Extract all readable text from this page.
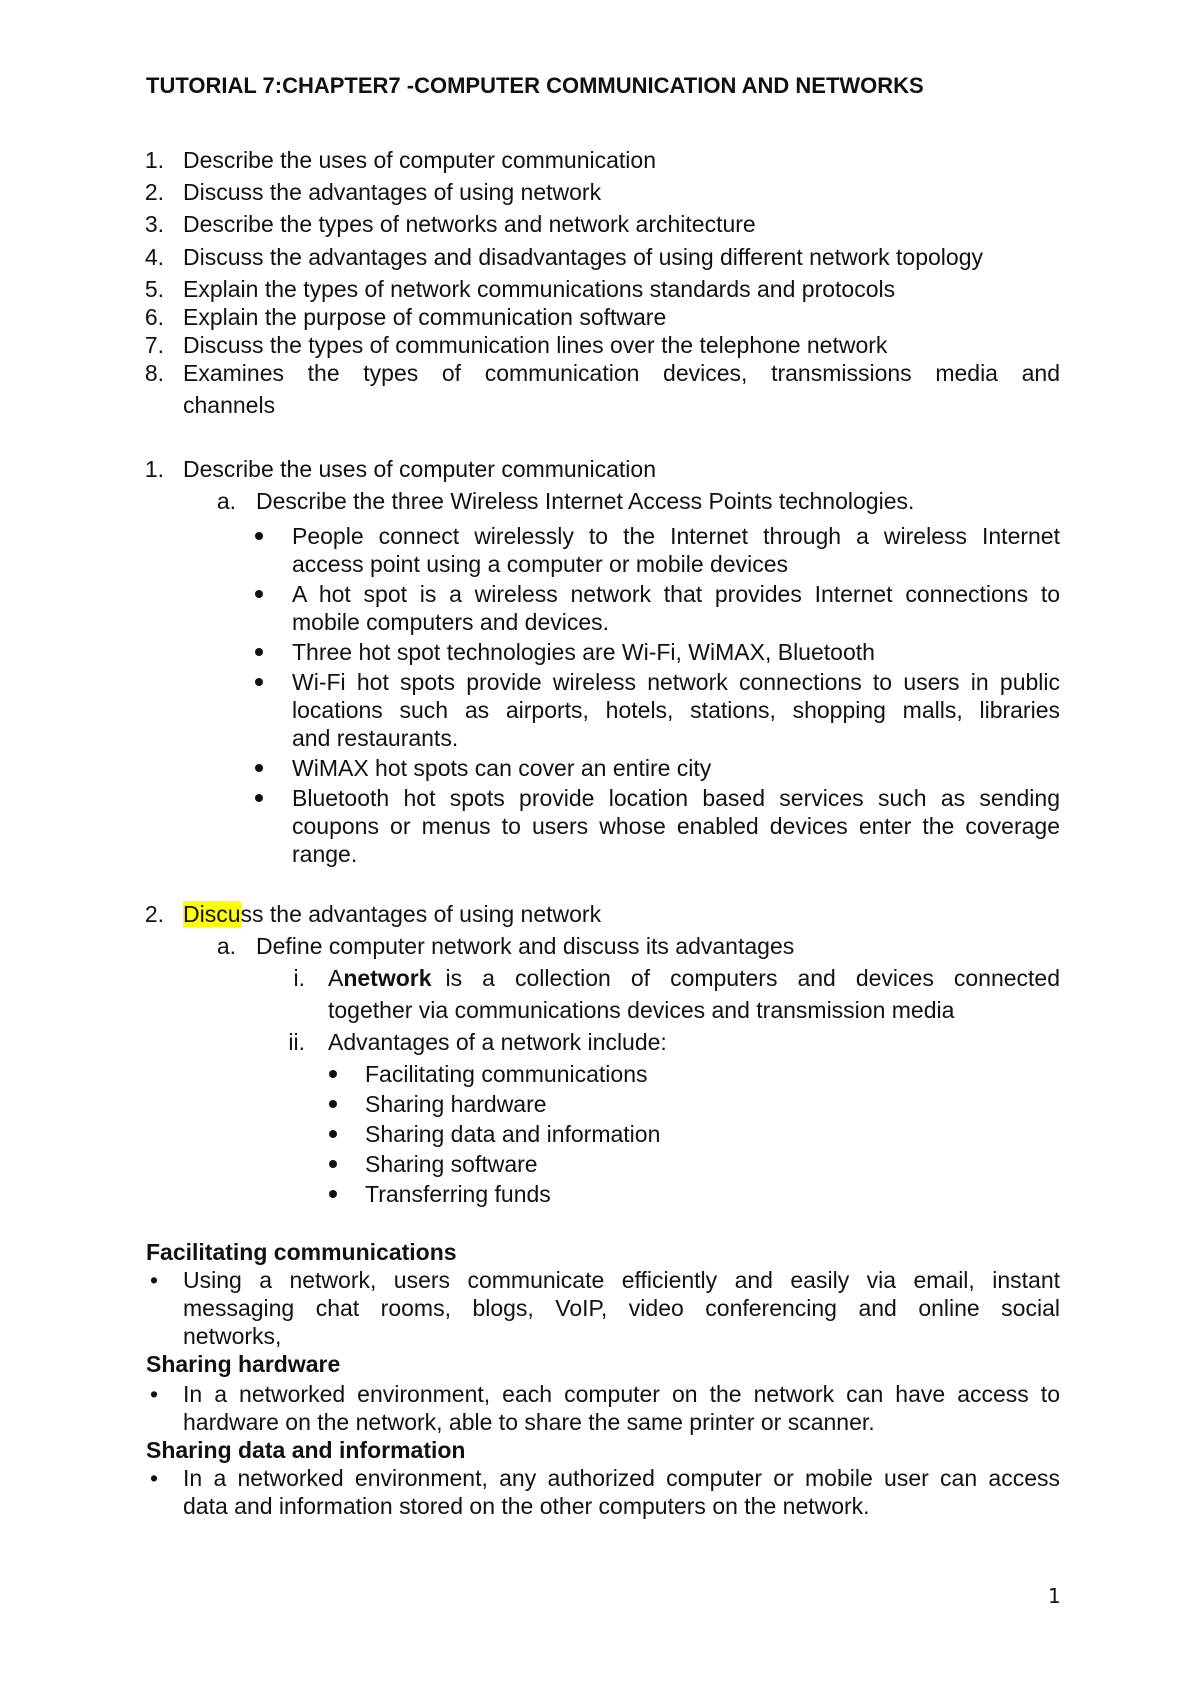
TUTORIAL 7:CHAPTER7 -COMPUTER COMMUNICATION AND NETWORKS
1. Describe the uses of computer communication
2. Discuss the advantages of using network
3. Describe the types of networks and network architecture
4. Discuss the advantages and disadvantages of using different network topology
5. Explain the types of network communications standards and protocols
6. Explain the purpose of communication software
7. Discuss the types of communication lines over the telephone network
8. Examines the types of communication devices, transmissions media and
channels
1. Describe the uses of computer communication
a. Describe the three Wireless Internet Access Points technologies.
People connect wirelessly to the Internet through a wireless Internet
access point using a computer or mobile devices
A hot spot is a wireless network that provides Internet connections to
mobile computers and devices.
Three hot spot technologies are Wi-Fi, WiMAX, Bluetooth
Wi-Fi hot spots provide wireless network connections to users in public
locations such as airports, hotels, stations, shopping malls, libraries
and restaurants.
WiMAX hot spots can cover an entire city
Bluetooth hot spots provide location based services such as sending
coupons or menus to users whose enabled devices enter the coverage
range.
2. Discuss the advantages of using network
a. Define computer network and discuss its advantages
i. A network is a collection of computers and devices connected
together via communications devices and transmission media
ii. Advantages of a network include:
Facilitating communications
Sharing hardware
Sharing data and information
Sharing software
Transferring funds
Facilitating communications
• Using a network, users communicate efficiently and easily via email, instant
messaging chat rooms, blogs, VoIP, video conferencing and online social
networks,
Sharing hardware
• In a networked environment, each computer on the network can have access to
hardware on the network, able to share the same printer or scanner.
Sharing data and information
• In a networked environment, any authorized computer or mobile user can access
data and information stored on the other computers on the network.
1
